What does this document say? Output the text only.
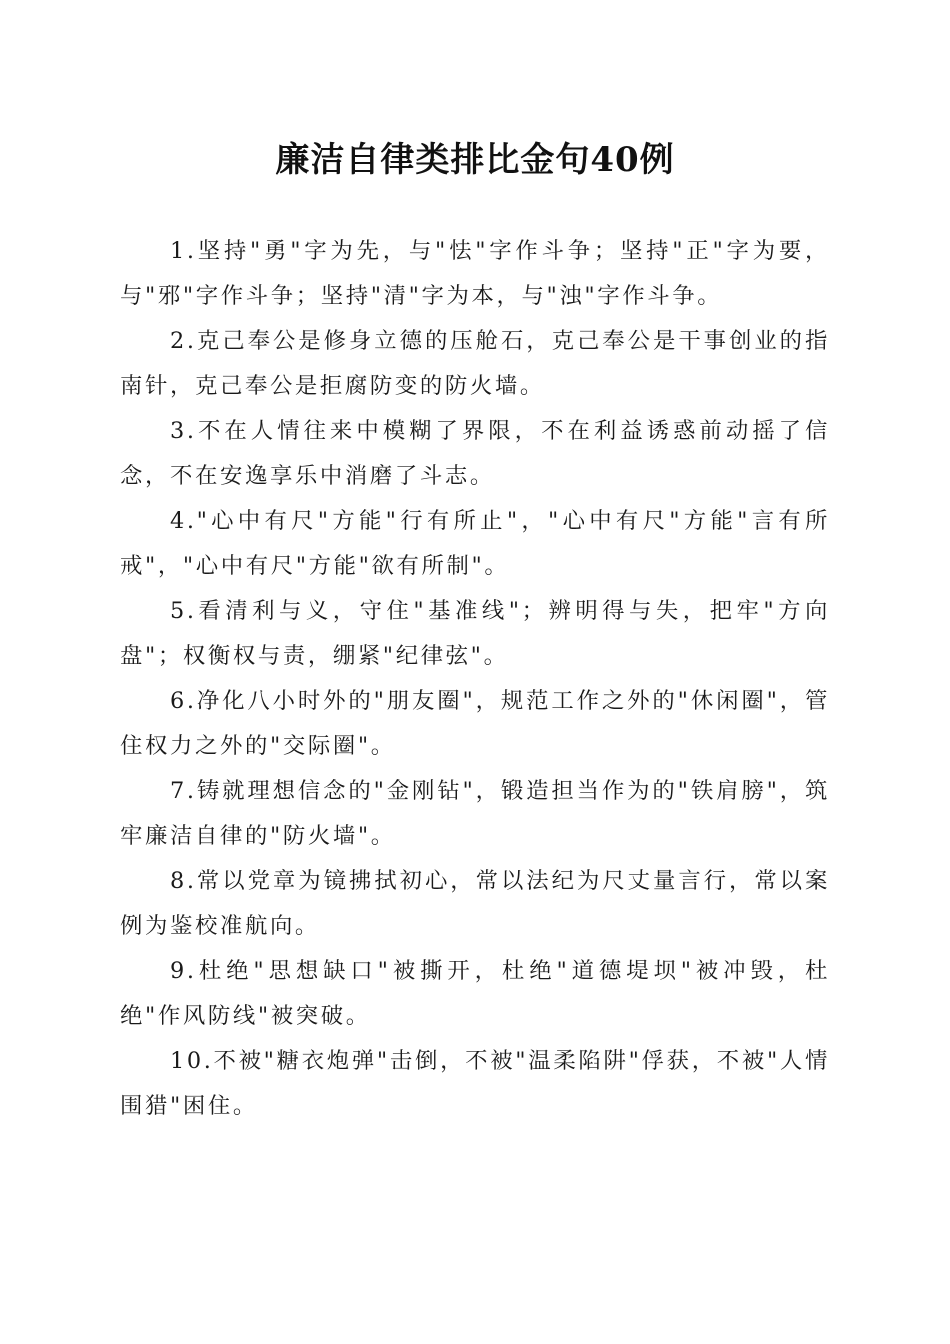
廉洁自律类排比金句40例

1.坚持"勇"字为先，与"怯"字作斗争；坚持"正"字为要，与"邪"字作斗争；坚持"清"字为本，与"浊"字作斗争。

2.克己奉公是修身立德的压舱石，克己奉公是干事创业的指南针，克己奉公是拒腐防变的防火墙。

3.不在人情往来中模糊了界限，不在利益诱惑前动摇了信念，不在安逸享乐中消磨了斗志。

4."心中有尺"方能"行有所止"，"心中有尺"方能"言有所戒"，"心中有尺"方能"欲有所制"。

5.看清利与义，守住"基准线"；辨明得与失，把牢"方向盘"；权衡权与责，绷紧"纪律弦"。

6.净化八小时外的"朋友圈"，规范工作之外的"休闲圈"，管住权力之外的"交际圈"。

7.铸就理想信念的"金刚钻"，锻造担当作为的"铁肩膀"，筑牢廉洁自律的"防火墙"。

8.常以党章为镜拂拭初心，常以法纪为尺丈量言行，常以案例为鉴校准航向。

9.杜绝"思想缺口"被撕开，杜绝"道德堤坝"被冲毁，杜绝"作风防线"被突破。

10.不被"糖衣炮弹"击倒，不被"温柔陷阱"俘获，不被"人情围猎"困住。
